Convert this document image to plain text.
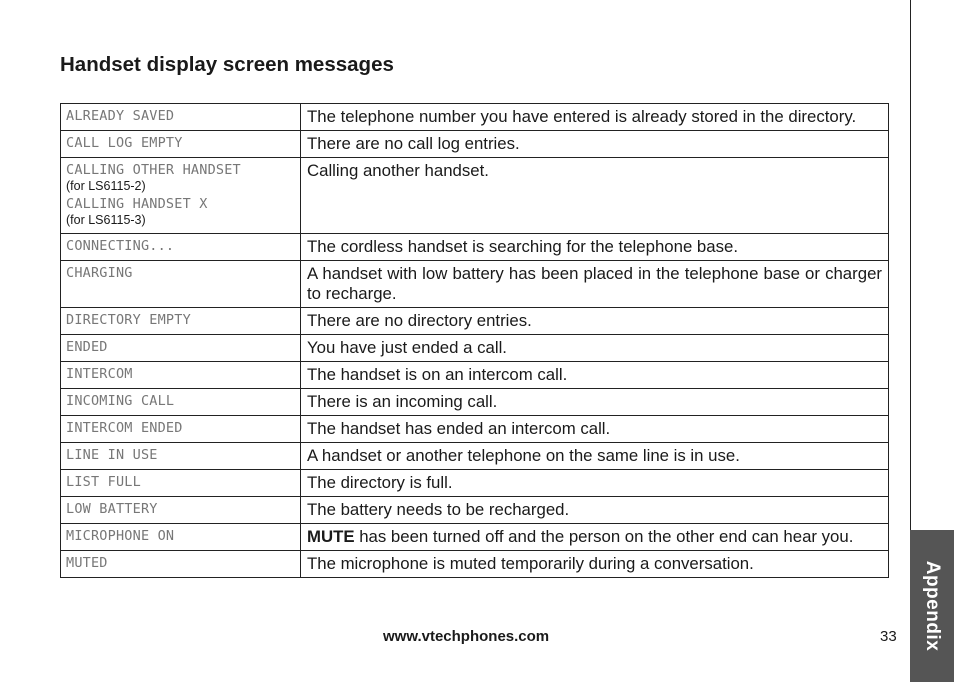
Appendix
Handset display screen messages
ALREADY SAVED	The telephone number you have entered is already stored in the directory.

CALL LOG EMPTY	There are no call log entries.

CALLING OTHER HANDSET
(for LS6115-2)
CALLING HANDSET X
(for LS6115-3)	Calling another handset.

CONNECTING...	The cordless handset is searching for the telephone base.

CHARGING	A handset with low battery has been placed in the telephone base or charger to recharge.

DIRECTORY EMPTY	There are no directory entries.

ENDED	You have just ended a call.

INTERCOM	The handset is on an intercom call.

INCOMING CALL	There is an incoming call.

INTERCOM ENDED	The handset has ended an intercom call.

LINE IN USE	A handset or another telephone on the same line is in use.

LIST FULL	The directory is full.

LOW BATTERY	The battery needs to be recharged.

MICROPHONE ON	MUTE has been turned off and the person on the other end can hear you.

MUTED	The microphone is muted temporarily during a conversation.
www.vtechphones.com	33
